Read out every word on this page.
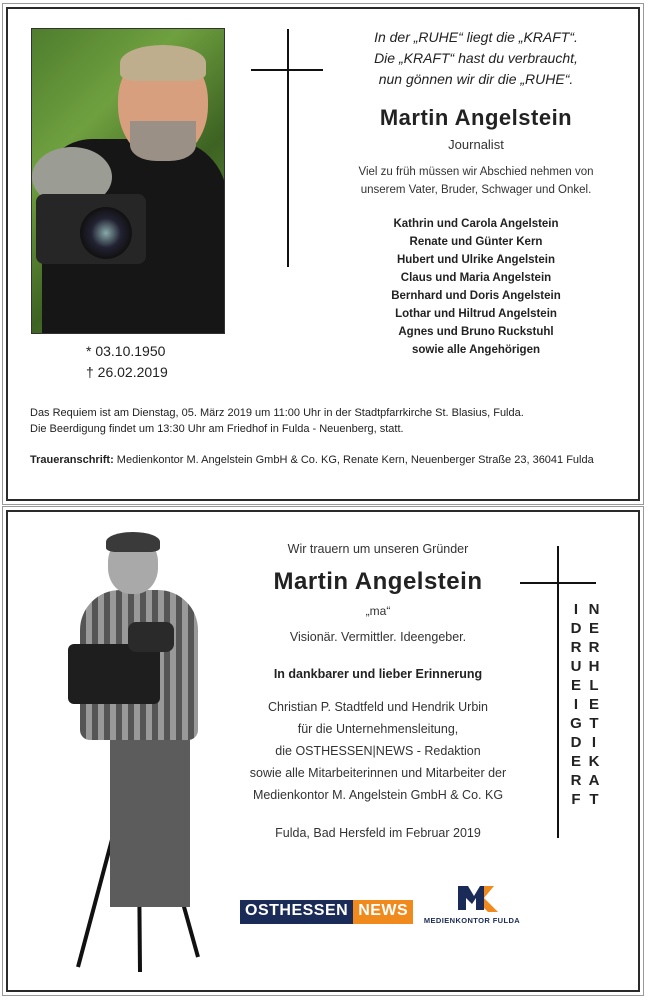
* 03.10.1950
† 26.02.2019
In der „RUHE“ liegt die „KRAFT“.
Die „KRAFT“ hast du verbraucht,
nun gönnen wir dir die „RUHE“.
Martin Angelstein
Journalist
Viel zu früh müssen wir Abschied nehmen von
unserem Vater, Bruder, Schwager und Onkel.
Kathrin und Carola Angelstein
Renate und Günter Kern
Hubert und Ulrike Angelstein
Claus und Maria Angelstein
Bernhard und Doris Angelstein
Lothar und Hiltrud Angelstein
Agnes und Bruno Ruckstuhl
sowie alle Angehörigen
Das Requiem ist am Dienstag, 05. März 2019 um 11:00 Uhr in der Stadtpfarrkirche St. Blasius, Fulda.
Die Beerdigung findet um 13:30 Uhr am Friedhof in Fulda - Neuenberg, statt.
Traueranschrift: Medienkontor M. Angelstein GmbH & Co. KG, Renate Kern, Neuenberger Straße 23, 36041 Fulda
Wir trauern um unseren Gründer
Martin Angelstein
„ma“
Visionär. Vermittler. Ideengeber.
In dankbarer und lieber Erinnerung
Christian P. Stadtfeld und Hendrik Urbin
für die Unternehmensleitung,
die OSTHESSEN|NEWS - Redaktion
sowie alle Mitarbeiterinnen und Mitarbeiter der
Medienkontor M. Angelstein GmbH & Co. KG
Fulda, Bad Hersfeld im Februar 2019
I
D
R
U
E
I
G
D
E
R
F
N
E
R
H
L
E
T
I
K
A
T
OSTHESSEN NEWS
MEDIENKONTOR FULDA
